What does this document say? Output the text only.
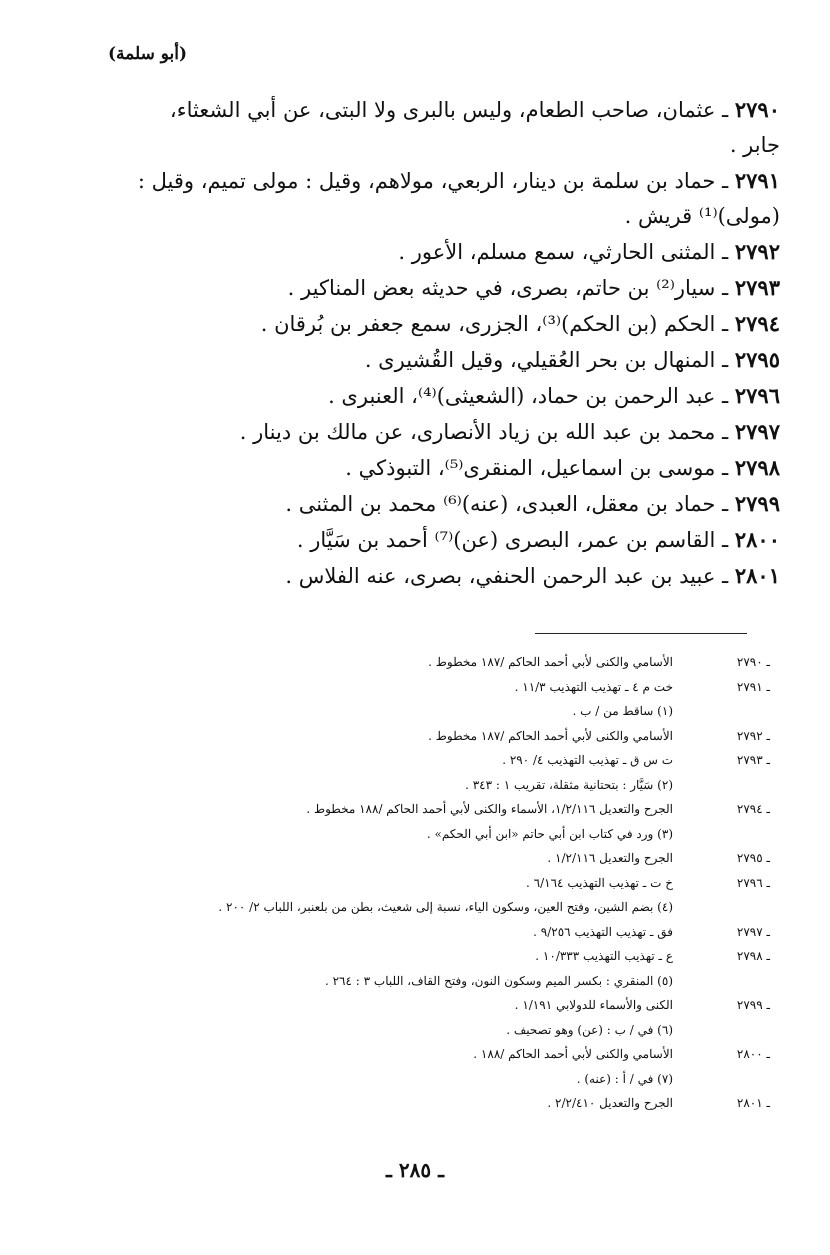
(أبو سلمة)
٢٧٩٠ ـ عثمان، صاحب الطعام، وليس بالبرى ولا البتى، عن أبي الشعثاء،
جابر .
٢٧٩١ ـ حماد بن سلمة بن دينار، الربعي، مولاهم، وقيل : مولى تميم، وقيل :
(مولى)⁽¹⁾ قريش .
٢٧٩٢ ـ المثنى الحارثي، سمع مسلم، الأعور .
٢٧٩٣ ـ سيار⁽²⁾ بن حاتم، بصرى، في حديثه بعض المناكير .
٢٧٩٤ ـ الحكم (بن الحكم)⁽³⁾، الجزرى، سمع جعفر بن بُرقان .
٢٧٩٥ ـ المنهال بن بحر العُقيلي، وقيل القُشيرى .
٢٧٩٦ ـ عبد الرحمن بن حماد، (الشعيثى)⁽⁴⁾، العنبرى .
٢٧٩٧ ـ محمد بن عبد الله بن زياد الأنصارى، عن مالك بن دينار .
٢٧٩٨ ـ موسى بن اسماعيل، المنقرى⁽⁵⁾، التبوذكي .
٢٧٩٩ ـ حماد بن معقل، العبدى، (عنه)⁽⁶⁾ محمد بن المثنى .
٢٨٠٠ ـ القاسم بن عمر، البصرى (عن)⁽⁷⁾ أحمد بن سَيَّار .
٢٨٠١ ـ عبيد بن عبد الرحمن الحنفي، بصرى، عنه الفلاس .
ـ ٢٧٩٠
الأسامي والكنى لأبي أحمد الحاكم /١٨٧ مخطوط .
ـ ٢٧٩١
خت م ٤ ـ تهذيب التهذيب ١١/٣ .
(١) ساقط من / ب .
ـ ٢٧٩٢
الأسامي والكنى لأبي أحمد الحاكم /١٨٧ مخطوط .
ـ ٢٧٩٣
ت س ق ـ تهذيب التهذيب ٤/ ٢٩٠ .
(٢) سَيَّار : بتحتانية مثقلة، تقريب ١ : ٣٤٣ .
ـ ٢٧٩٤
الجرح والتعديل ١/٢/١١٦، الأسماء والكنى لأبي أحمد الحاكم /١٨٨ مخطوط .
(٣) ورد في كتاب ابن أبي حاتم «ابن أبي الحكم» .
ـ ٢٧٩٥
الجرح والتعديل ١/٢/١١٦ .
ـ ٢٧٩٦
خ ت ـ تهذيب التهذيب ٦/١٦٤ .
(٤) بضم الشين، وفتح العين، وسكون الياء، نسبة إلى شعيث، بطن من بلعنبر، اللباب ٢/ ٢٠٠ .
ـ ٢٧٩٧
فق ـ تهذيب التهذيب ٩/٢٥٦ .
ـ ٢٧٩٨
ع ـ تهذيب التهذيب ١٠/٣٣٣ .
(٥) المنقري : بكسر الميم وسكون النون، وفتح القاف، اللباب ٣ : ٢٦٤ .
ـ ٢٧٩٩
الكنى والأسماء للدولابي ١/١٩١ .
(٦) في / ب : (عن) وهو تصحيف .
ـ ٢٨٠٠
الأسامي والكنى لأبي أحمد الحاكم /١٨٨ .
(٧) في / أ : (عنه) .
ـ ٢٨٠١
الجرح والتعديل ٢/٢/٤١٠ .
ـ ٢٨٥ ـ
